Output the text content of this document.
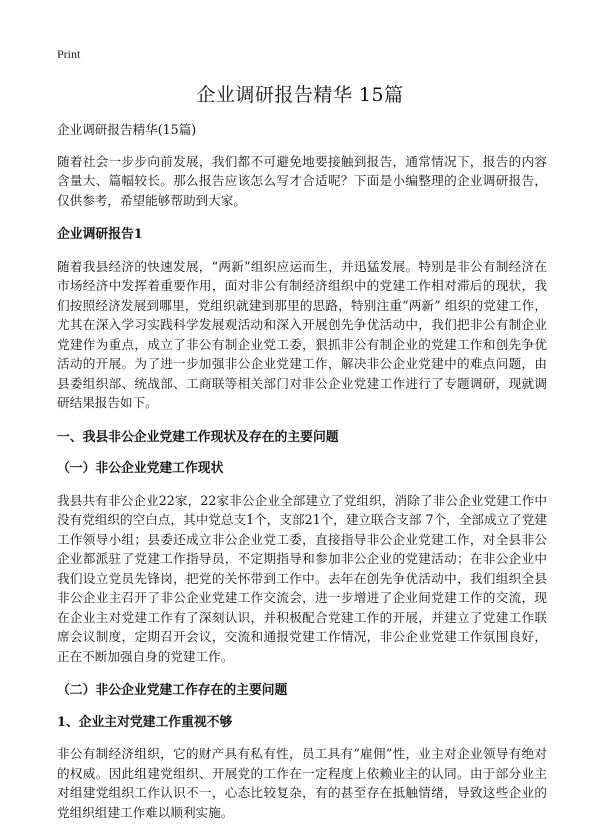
Print
企业调研报告精华 15篇

企业调研报告精华(15篇)

随着社会一步步向前发展，我们都不可避免地要接触到报告，通常情况下，报告的内容含量大、篇幅较长。那么报告应该怎么写才合适呢？下面是小编整理的企业调研报告，仅供参考，希望能够帮助到大家。

企业调研报告1

随着我县经济的快速发展，“两新”组织应运而生，并迅猛发展。特别是非公有制经济在市场经济中发挥着重要作用，面对非公有制经济组织中的党建工作相对滞后的现状，我们按照经济发展到哪里，党组织就建到那里的思路，特别注重“两新” 组织的党建工作，尤其在深入学习实践科学发展观活动和深入开展创先争优活动中，我们把非公有制企业党建作为重点，成立了非公有制企业党工委，狠抓非公有制企业的党建工作和创先争优活动的开展。为了进一步加强非公企业党建工作，解决非公企业党建中的难点问题，由县委组织部、统战部、工商联等相关部门对非公企业党建工作进行了专题调研，现就调研结果报告如下。

一、我县非公企业党建工作现状及存在的主要问题

（一）非公企业党建工作现状

我县共有非公企业22家，22家非公企业全部建立了党组织，消除了非公企业党建工作中没有党组织的空白点，其中党总支1个，支部21个，建立联合支部 7个，全部成立了党建工作领导小组；县委还成立非公企业党工委，直接指导非公企业党建工作，对全县非公企业都派驻了党建工作指导员，不定期指导和参加非公企业的党建活动；在非公企业中我们设立党员先锋岗，把党的关怀带到工作中。去年在创先争优活动中，我们组织全县非公企业主召开了非公企业党建工作交流会，进一步增进了企业间党建工作的交流，现在企业主对党建工作有了深刻认识，并积极配合党建工作的开展，并建立了党建工作联席会议制度，定期召开会议，交流和通报党建工作情况，非公企业党建工作氛围良好，正在不断加强自身的党建工作。

（二）非公企业党建工作存在的主要问题

1、企业主对党建工作重视不够

非公有制经济组织，它的财产具有私有性，员工具有“雇佣”性，业主对企业领导有绝对的权威。因此组建党组织、开展党的工作在一定程度上依赖业主的认同。由于部分业主对组建党组织工作认识不一，心态比较复杂，有的甚至存在抵触情绪，导致这些企业的党组织组建工作难以顺利实施。
